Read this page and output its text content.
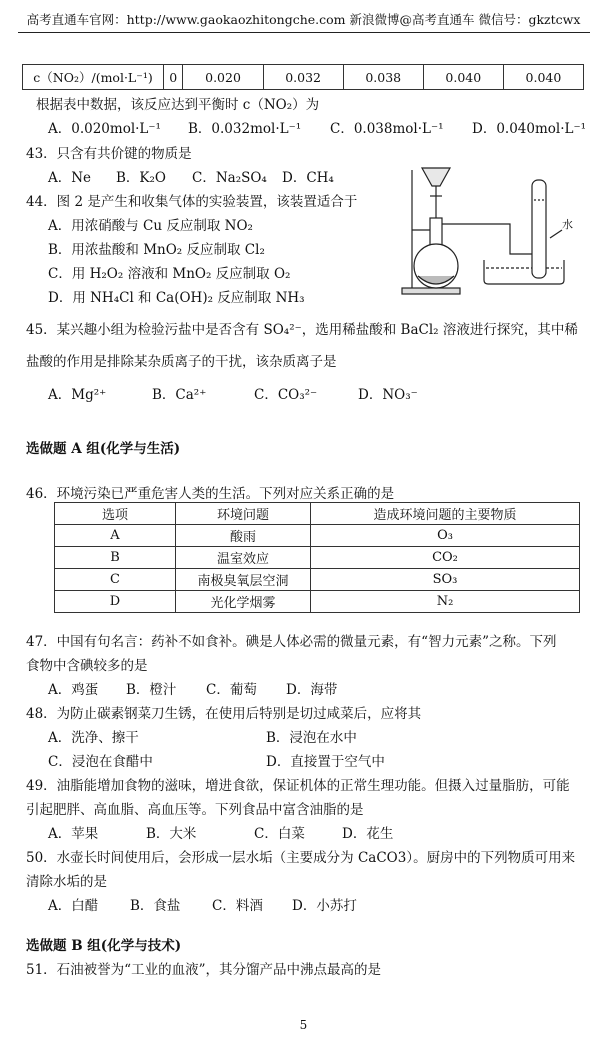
高考直通车官网：http://www.gaokaozhitongche.com 新浪微博@高考直通车 微信号：gkztcwx
c（NO₂）/(mol·L⁻¹)	0	0.020	0.032	0.038	0.040	0.040
根据表中数据，该反应达到平衡时 c（NO₂）为
A．0.020mol·L⁻¹ B．0.032mol·L⁻¹ C．0.038mol·L⁻¹ D．0.040mol·L⁻¹
43．只含有共价键的物质是
A．Ne B．K₂O C．Na₂SO₄ D．CH₄
44．图 2 是产生和收集气体的实验装置，该装置适合于
A．用浓硝酸与 Cu 反应制取 NO₂
B．用浓盐酸和 MnO₂ 反应制取 Cl₂
C．用 H₂O₂ 溶液和 MnO₂ 反应制取 O₂
D．用 NH₄Cl 和 Ca(OH)₂ 反应制取 NH₃
水
45．某兴趣小组为检验污盐中是否含有 SO₄²⁻，选用稀盐酸和 BaCl₂ 溶液进行探究，其中稀
盐酸的作用是排除某杂质离子的干扰，该杂质离子是
A．Mg²⁺	B．Ca²⁺	C．CO₃²⁻	D．NO₃⁻
选做题 A 组(化学与生活)
46．环境污染已严重危害人类的生活。下列对应关系正确的是
选项	环境问题	造成环境问题的主要物质
A	酸雨	O₃
B	温室效应	CO₂
C	南极臭氧层空洞	SO₃
D	光化学烟雾	N₂
47．中国有句名言：药补不如食补。碘是人体必需的微量元素，有“智力元素”之称。下列
食物中含碘较多的是
A．鸡蛋 B．橙汁 C．葡萄 D．海带
48．为防止碳素钢菜刀生锈，在使用后特别是切过咸菜后，应将其
A．洗净、擦干	B．浸泡在水中
C．浸泡在食醋中	D．直接置于空气中
49．油脂能增加食物的滋味，增进食欲，保证机体的正常生理功能。但摄入过量脂肪，可能
引起肥胖、高血脂、高血压等。下列食品中富含油脂的是
A．苹果	B．大米	C．白菜	D．花生
50．水壶长时间使用后，会形成一层水垢（主要成分为 CaCO3）。厨房中的下列物质可用来
清除水垢的是
A．白醋 B．食盐 C．料酒 D．小苏打
选做题 B 组(化学与技术)
51．石油被誉为“工业的血液”，其分馏产品中沸点最高的是
5
